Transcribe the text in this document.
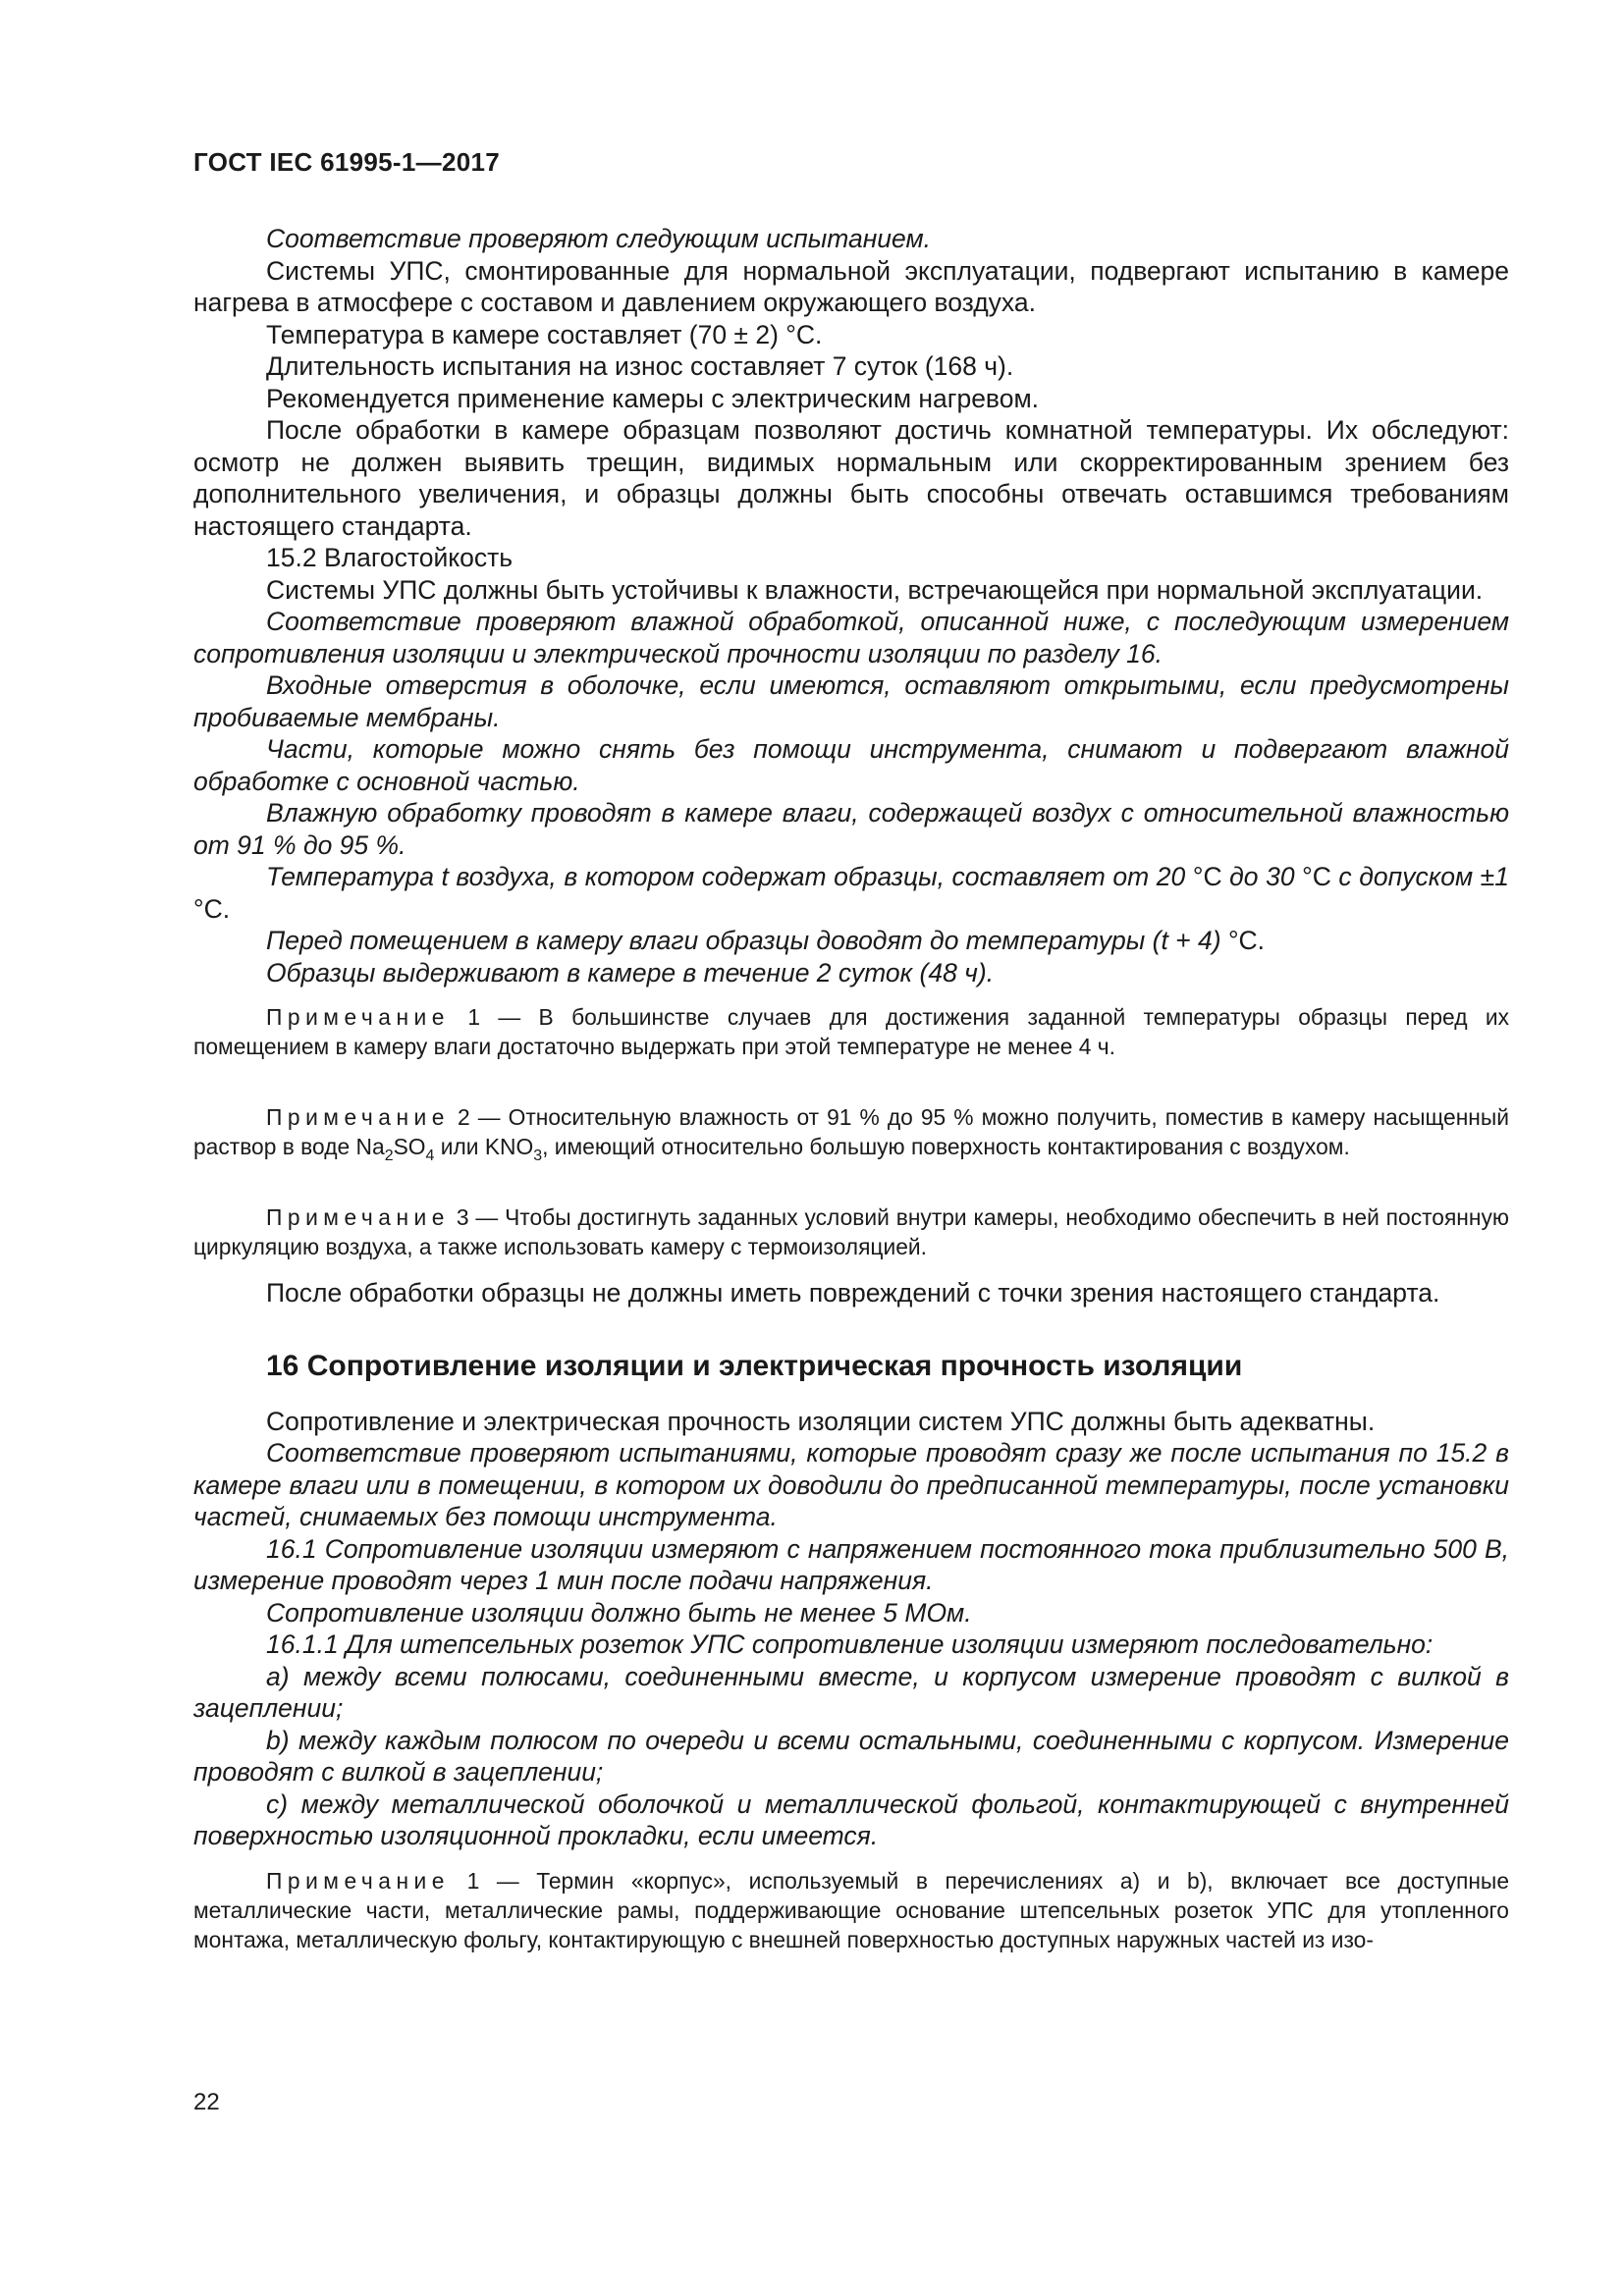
ГОСТ IEC 61995-1—2017

Соответствие проверяют следующим испытанием.

Системы УПС, смонтированные для нормальной эксплуатации, подвергают испытанию в камере нагрева в атмосфере с составом и давлением окружающего воздуха.

Температура в камере составляет (70 ± 2) °С.

Длительность испытания на износ составляет 7 суток (168 ч).

Рекомендуется применение камеры с электрическим нагревом.

После обработки в камере образцам позволяют достичь комнатной температуры. Их обследуют: осмотр не должен выявить трещин, видимых нормальным или скорректированным зрением без дополнительного увеличения, и образцы должны быть способны отвечать оставшимся требованиям настоящего стандарта.

15.2 Влагостойкость

Системы УПС должны быть устойчивы к влажности, встречающейся при нормальной эксплуатации.

Соответствие проверяют влажной обработкой, описанной ниже, с последующим измерением сопротивления изоляции и электрической прочности изоляции по разделу 16.

Входные отверстия в оболочке, если имеются, оставляют открытыми, если предусмотрены пробиваемые мембраны.

Части, которые можно снять без помощи инструмента, снимают и подвергают влажной обработке с основной частью.

Влажную обработку проводят в камере влаги, содержащей воздух с относительной влажностью от 91 % до 95 %.

Температура t воздуха, в котором содержат образцы, составляет от 20 °С до 30 °С с допуском ±1 °С.

Перед помещением в камеру влаги образцы доводят до температуры (t + 4) °С.

Образцы выдерживают в камере в течение 2 суток (48 ч).

Примечание 1 — В большинстве случаев для достижения заданной температуры образцы перед их помещением в камеру влаги достаточно выдержать при этой температуре не менее 4 ч.
Примечание 2 — Относительную влажность от 91 % до 95 % можно получить, поместив в камеру насыщенный раствор в воде $Na_2SO_4$ или $KNO_3$, имеющий относительно большую поверхность контактирования с воздухом.
Примечание 3 — Чтобы достигнуть заданных условий внутри камеры, необходимо обеспечить в ней постоянную циркуляцию воздуха, а также использовать камеру с термоизоляцией.

После обработки образцы не должны иметь повреждений с точки зрения настоящего стандарта.

16 Сопротивление изоляции и электрическая прочность изоляции

Сопротивление и электрическая прочность изоляции систем УПС должны быть адекватны.

Соответствие проверяют испытаниями, которые проводят сразу же после испытания по 15.2 в камере влаги или в помещении, в котором их доводили до предписанной температуры, после установки частей, снимаемых без помощи инструмента.

16.1 Сопротивление изоляции измеряют с напряжением постоянного тока приблизительно 500 В, измерение проводят через 1 мин после подачи напряжения.

Сопротивление изоляции должно быть не менее 5 МОм.

16.1.1 Для штепсельных розеток УПС сопротивление изоляции измеряют последовательно:

a) между всеми полюсами, соединенными вместе, и корпусом измерение проводят с вилкой в зацеплении;

b) между каждым полюсом по очереди и всеми остальными, соединенными с корпусом. Измерение проводят с вилкой в зацеплении;

c) между металлической оболочкой и металлической фольгой, контактирующей с внутренней поверхностью изоляционной прокладки, если имеется.

Примечание 1 — Термин «корпус», используемый в перечислениях а) и b), включает все доступные металлические части, металлические рамы, поддерживающие основание штепсельных розеток УПС для утопленного монтажа, металлическую фольгу, контактирующую с внешней поверхностью доступных наружных частей из изо-
22
